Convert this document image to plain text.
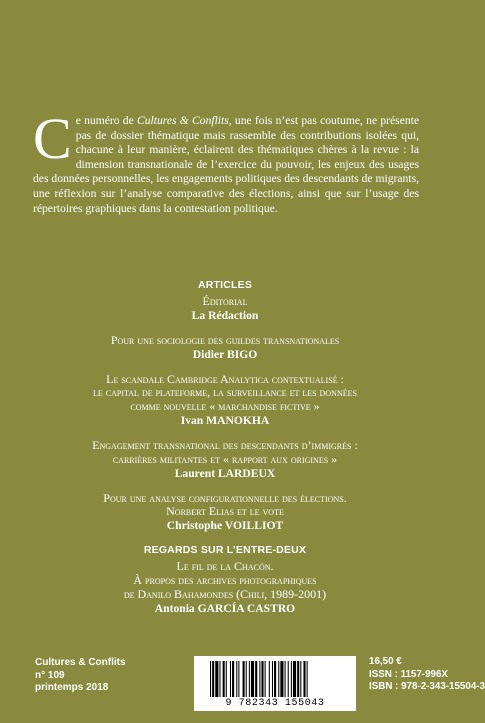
Ce numéro de Cultures & Conflits, une fois n’est pas coutume, ne présente pas de dossier thématique mais rassemble des contributions isolées qui, chacune à leur manière, éclairent des thématiques chères à la revue : la dimension transnationale de l’exercice du pouvoir, les enjeux des usages des données personnelles, les engagements politiques des descendants de migrants, une réflexion sur l’analyse comparative des élections, ainsi que sur l’usage des répertoires graphiques dans la contestation politique.
ARTICLES
Éditorial
La Rédaction
Pour une sociologie des guildes transnationales
Didier BIGO
Le scandale Cambridge Analytica contextualisé :
le capital de plateforme, la surveillance et les données
comme nouvelle « marchandise fictive »
Ivan MANOKHA
Engagement transnational des descendants d’immigrés :
carrières militantes et « rapport aux origines »
Laurent LARDEUX
Pour une analyse configurationnelle des élections.
Norbert Elias et le vote
Christophe VOILLIOT
REGARDS SUR L’ENTRE-DEUX
Le fil de la Chacón.
À propos des archives photographiques
de Danilo Bahamondes (Chili, 1989-2001)
Antonia GARCÍA CASTRO
Cultures & Conflits
n° 109
printemps 2018
9 782343 155043
16,50 €
ISSN : 1157-996X
ISBN : 978-2-343-15504-3
